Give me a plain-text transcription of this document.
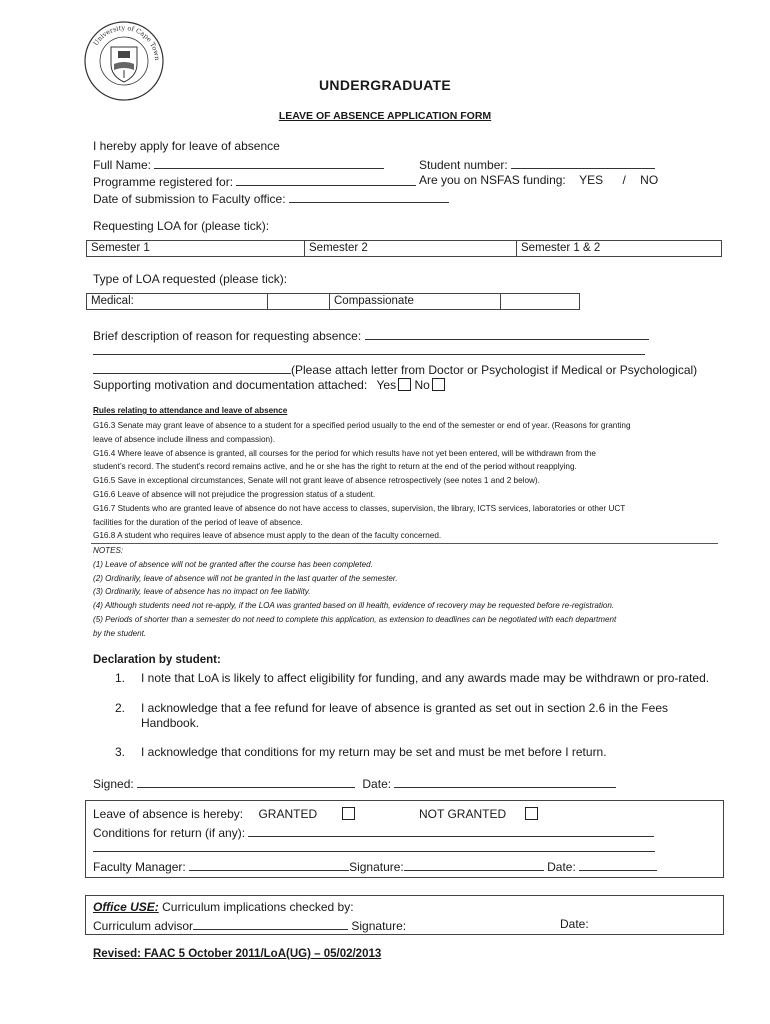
University of Cape Town
UNDERGRADUATE
LEAVE OF ABSENCE APPLICATION FORM
I hereby apply for leave of absence
Full Name:	Student number:
Programme registered for:	Are you on NSFAS funding: YES / NO
Date of submission to Faculty office:
Requesting LOA for (please tick):
Semester 1	Semester 2	Semester 1 & 2
Type of LOA requested (please tick):
Medical:		Compassionate	
Brief description of reason for requesting absence:
(Please attach letter from Doctor or Psychologist if Medical or Psychological)
Supporting motivation and documentation attached: Yes No
Rules relating to attendance and leave of absence
G16.3 Senate may grant leave of absence to a student for a specified period usually to the end of the semester or end of year. (Reasons for granting
leave of absence include illness and compassion).
G16.4 Where leave of absence is granted, all courses for the period for which results have not yet been entered, will be withdrawn from the
student’s record. The student’s record remains active, and he or she has the right to return at the end of the period without reapplying.
G16.5 Save in exceptional circumstances, Senate will not grant leave of absence retrospectively (see notes 1 and 2 below).
G16.6 Leave of absence will not prejudice the progression status of a student.
G16.7 Students who are granted leave of absence do not have access to classes, supervision, the library, ICTS services, laboratories or other UCT
facilities for the duration of the period of leave of absence.
G16.8 A student who requires leave of absence must apply to the dean of the faculty concerned.
NOTES:
(1) Leave of absence will not be granted after the course has been completed.
(2) Ordinarily, leave of absence will not be granted in the last quarter of the semester.
(3) Ordinarily, leave of absence has no impact on fee liability.
(4) Although students need not re-apply, if the LOA was granted based on ill health, evidence of recovery may be requested before re-registration.
(5) Periods of shorter than a semester do not need to complete this application, as extension to deadlines can be negotiated with each department
by the student.
Declaration by student:
1. I note that LoA is likely to affect eligibility for funding, and any awards made may be withdrawn or pro-rated.
2. I acknowledge that a fee refund for leave of absence is granted as set out in section 2.6 in the Fees
Handbook.
3. I acknowledge that conditions for my return may be set and must be met before I return.
Signed:	Date:
Leave of absence is hereby: GRANTED	NOT GRANTED
Conditions for return (if any):
Faculty Manager:	Signature:	Date:
Office USE: Curriculum implications checked by:
Curriculum advisor	Signature:	Date:
Revised: FAAC 5 October 2011/LoA(UG) – 05/02/2013
